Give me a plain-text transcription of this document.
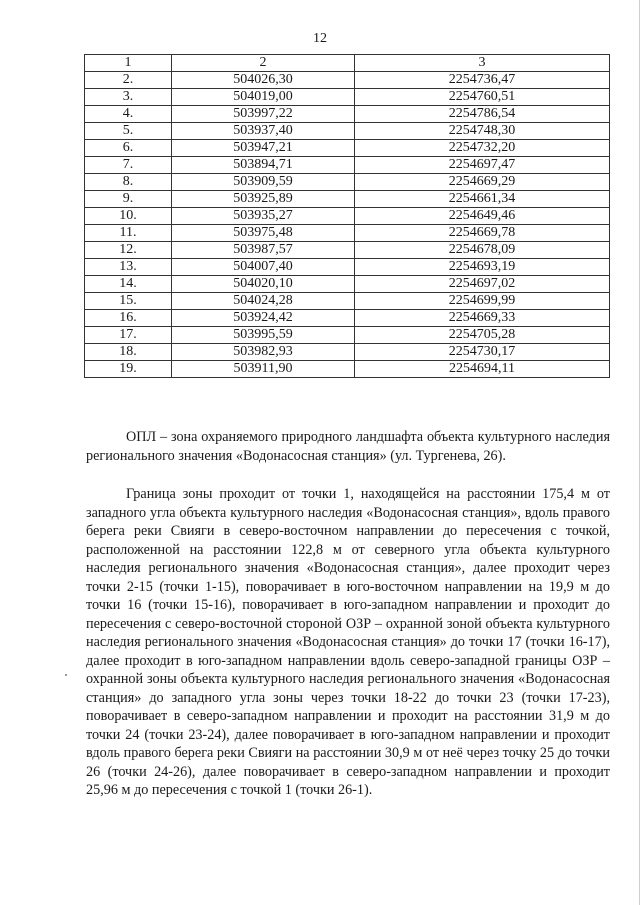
12
1	2	3
2.	504026,30	2254736,47
3.	504019,00	2254760,51
4.	503997,22	2254786,54
5.	503937,40	2254748,30
6.	503947,21	2254732,20
7.	503894,71	2254697,47
8.	503909,59	2254669,29
9.	503925,89	2254661,34
10.	503935,27	2254649,46
11.	503975,48	2254669,78
12.	503987,57	2254678,09
13.	504007,40	2254693,19
14.	504020,10	2254697,02
15.	504024,28	2254699,99
16.	503924,42	2254669,33
17.	503995,59	2254705,28
18.	503982,93	2254730,17
19.	503911,90	2254694,11
ОПЛ – зона охраняемого природного ландшафта объекта культурного наследия регионального значения «Водонасосная станция» (ул. Тургенева, 26).
Граница зоны проходит от точки 1, находящейся на расстоянии 175,4 м от западного угла объекта культурного наследия «Водонасосная станция», вдоль правого берега реки Свияги в северо-восточном направлении до пересечения с точкой, расположенной на расстоянии 122,8 м от северного угла объекта культурного наследия регионального значения «Водонасосная станция», далее проходит через точки 2-15 (точки 1-15), поворачивает в юго-восточном направлении на 19,9 м до точки 16 (точки 15-16), поворачивает в юго-западном направлении и проходит до пересечения с северо-восточной стороной ОЗР – охранной зоной объекта культурного наследия регионального значения «Водонасосная станция» до точки 17 (точки 16-17), далее проходит в юго-западном направлении вдоль северо-западной границы ОЗР – охранной зоны объекта культурного наследия регионального значения «Водонасосная станция» до западного угла зоны через точки 18-22 до точки 23 (точки 17-23), поворачивает в северо-западном направлении и проходит на расстоянии 31,9 м до точки 24 (точки 23-24), далее поворачивает в юго-западном направлении и проходит вдоль правого берега реки Свияги на расстоянии 30,9 м от неё через точку 25 до точки 26 (точки 24-26), далее поворачивает в северо-западном направлении и проходит 25,96 м до пересечения с точкой 1 (точки 26-1).
